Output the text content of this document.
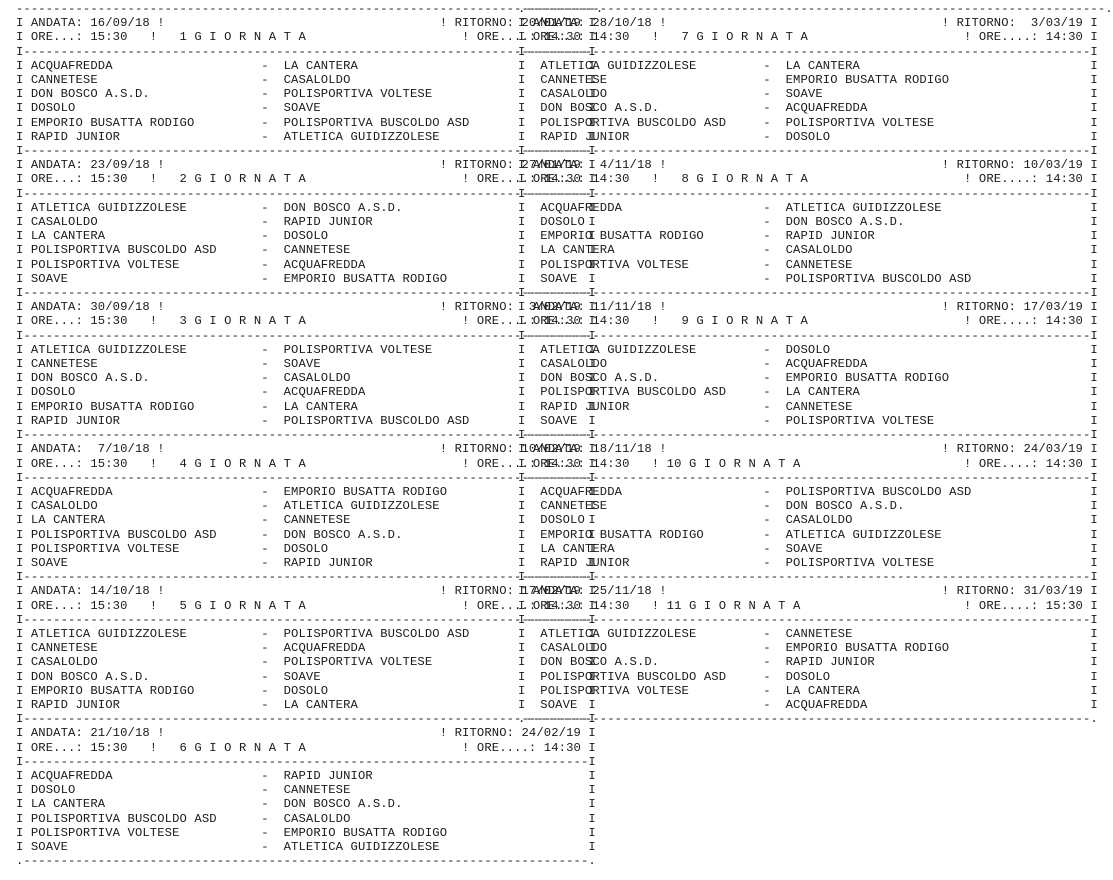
------------------------------------------------------------------------------.
I ANDATA: 16/09/18 !                                     ! RITORNO: 20/01/19 I
I ORE...: 15:30   !   1 G I O R N A T A                     ! ORE....: 14:30 I
I----------------------------------------------------------------------------I
I ACQUAFREDDA                    -  LA CANTERA                               I
I CANNETESE                      -  CASALOLDO                                I
I DON BOSCO A.S.D.               -  POLISPORTIVA VOLTESE                     I
I DOSOLO                         -  SOAVE                                    I
I EMPORIO BUSATTA RODIGO         -  POLISPORTIVA BUSCOLDO ASD                I
I RAPID JUNIOR                   -  ATLETICA GUIDIZZOLESE                    I
I----------------------------------------------------------------------------I
I ANDATA: 23/09/18 !                                     ! RITORNO: 27/01/19 I
I ORE...: 15:30   !   2 G I O R N A T A                     ! ORE....: 14:30 I
I----------------------------------------------------------------------------I
I ATLETICA GUIDIZZOLESE          -  DON BOSCO A.S.D.                         I
I CASALOLDO                      -  RAPID JUNIOR                             I
I LA CANTERA                     -  DOSOLO                                   I
I POLISPORTIVA BUSCOLDO ASD      -  CANNETESE                                I
I POLISPORTIVA VOLTESE           -  ACQUAFREDDA                              I
I SOAVE                          -  EMPORIO BUSATTA RODIGO                   I
I----------------------------------------------------------------------------I
I ANDATA: 30/09/18 !                                     ! RITORNO:  3/02/19 I
I ORE...: 15:30   !   3 G I O R N A T A                     ! ORE....: 14:30 I
I----------------------------------------------------------------------------I
I ATLETICA GUIDIZZOLESE          -  POLISPORTIVA VOLTESE                     I
I CANNETESE                      -  SOAVE                                    I
I DON BOSCO A.S.D.               -  CASALOLDO                                I
I DOSOLO                         -  ACQUAFREDDA                              I
I EMPORIO BUSATTA RODIGO         -  LA CANTERA                               I
I RAPID JUNIOR                   -  POLISPORTIVA BUSCOLDO ASD                I
I----------------------------------------------------------------------------I
I ANDATA:  7/10/18 !                                     ! RITORNO: 10/02/19 I
I ORE...: 15:30   !   4 G I O R N A T A                     ! ORE....: 14:30 I
I----------------------------------------------------------------------------I
I ACQUAFREDDA                    -  EMPORIO BUSATTA RODIGO                   I
I CASALOLDO                      -  ATLETICA GUIDIZZOLESE                    I
I LA CANTERA                     -  CANNETESE                                I
I POLISPORTIVA BUSCOLDO ASD      -  DON BOSCO A.S.D.                         I
I POLISPORTIVA VOLTESE           -  DOSOLO                                   I
I SOAVE                          -  RAPID JUNIOR                             I
I----------------------------------------------------------------------------I
I ANDATA: 14/10/18 !                                     ! RITORNO: 17/02/19 I
I ORE...: 15:30   !   5 G I O R N A T A                     ! ORE....: 14:30 I
I----------------------------------------------------------------------------I
I ATLETICA GUIDIZZOLESE          -  POLISPORTIVA BUSCOLDO ASD                I
I CANNETESE                      -  ACQUAFREDDA                              I
I CASALOLDO                      -  POLISPORTIVA VOLTESE                     I
I DON BOSCO A.S.D.               -  SOAVE                                    I
I EMPORIO BUSATTA RODIGO         -  DOSOLO                                   I
I RAPID JUNIOR                   -  LA CANTERA                               I
I----------------------------------------------------------------------------I
I ANDATA: 21/10/18 !                                     ! RITORNO: 24/02/19 I
I ORE...: 15:30   !   6 G I O R N A T A                     ! ORE....: 14:30 I
I----------------------------------------------------------------------------I
I ACQUAFREDDA                    -  RAPID JUNIOR                             I
I DOSOLO                         -  CANNETESE                                I
I LA CANTERA                     -  DON BOSCO A.S.D.                         I
I POLISPORTIVA BUSCOLDO ASD      -  CASALOLDO                                I
I POLISPORTIVA VOLTESE           -  EMPORIO BUSATTA RODIGO                   I
I SOAVE                          -  ATLETICA GUIDIZZOLESE                    I
.----------------------------------------------------------------------------.
.------------------------------------------------------------------------------.
I ANDATA: 28/10/18 !                                     ! RITORNO:  3/03/19 I
I ORE...: 14:30   !   7 G I O R N A T A                     ! ORE....: 14:30 I
I----------------------------------------------------------------------------I
I  ATLETICA GUIDIZZOLESE         -  LA CANTERA                               I
I  CANNETESE                     -  EMPORIO BUSATTA RODIGO                   I
I  CASALOLDO                     -  SOAVE                                    I
I  DON BOSCO A.S.D.              -  ACQUAFREDDA                              I
I  POLISPORTIVA BUSCOLDO ASD     -  POLISPORTIVA VOLTESE                     I
I  RAPID JUNIOR                  -  DOSOLO                                   I
I----------------------------------------------------------------------------I
I ANDATA:  4/11/18 !                                     ! RITORNO: 10/03/19 I
I ORE...: 14:30   !   8 G I O R N A T A                     ! ORE....: 14:30 I
I----------------------------------------------------------------------------I
I  ACQUAFREDDA                   -  ATLETICA GUIDIZZOLESE                    I
I  DOSOLO                        -  DON BOSCO A.S.D.                         I
I  EMPORIO BUSATTA RODIGO        -  RAPID JUNIOR                             I
I  LA CANTERA                    -  CASALOLDO                                I
I  POLISPORTIVA VOLTESE          -  CANNETESE                                I
I  SOAVE                         -  POLISPORTIVA BUSCOLDO ASD                I
I----------------------------------------------------------------------------I
I ANDATA: 11/11/18 !                                     ! RITORNO: 17/03/19 I
I ORE...: 14:30   !   9 G I O R N A T A                     ! ORE....: 14:30 I
I----------------------------------------------------------------------------I
I  ATLETICA GUIDIZZOLESE         -  DOSOLO                                   I
I  CASALOLDO                     -  ACQUAFREDDA                              I
I  DON BOSCO A.S.D.              -  EMPORIO BUSATTA RODIGO                   I
I  POLISPORTIVA BUSCOLDO ASD     -  LA CANTERA                               I
I  RAPID JUNIOR                  -  CANNETESE                                I
I  SOAVE                         -  POLISPORTIVA VOLTESE                     I
I----------------------------------------------------------------------------I
I ANDATA: 18/11/18 !                                     ! RITORNO: 24/03/19 I
I ORE...: 14:30   ! 10 G I O R N A T A                      ! ORE....: 14:30 I
I----------------------------------------------------------------------------I
I  ACQUAFREDDA                   -  POLISPORTIVA BUSCOLDO ASD                I
I  CANNETESE                     -  DON BOSCO A.S.D.                         I
I  DOSOLO                        -  CASALOLDO                                I
I  EMPORIO BUSATTA RODIGO        -  ATLETICA GUIDIZZOLESE                    I
I  LA CANTERA                    -  SOAVE                                    I
I  RAPID JUNIOR                  -  POLISPORTIVA VOLTESE                     I
I----------------------------------------------------------------------------I
I ANDATA: 25/11/18 !                                     ! RITORNO: 31/03/19 I
I ORE...: 14:30   ! 11 G I O R N A T A                      ! ORE....: 15:30 I
I----------------------------------------------------------------------------I
I  ATLETICA GUIDIZZOLESE         -  CANNETESE                                I
I  CASALOLDO                     -  EMPORIO BUSATTA RODIGO                   I
I  DON BOSCO A.S.D.              -  RAPID JUNIOR                             I
I  POLISPORTIVA BUSCOLDO ASD     -  DOSOLO                                   I
I  POLISPORTIVA VOLTESE          -  LA CANTERA                               I
I  SOAVE                         -  ACQUAFREDDA                              I
.----------------------------------------------------------------------------.
